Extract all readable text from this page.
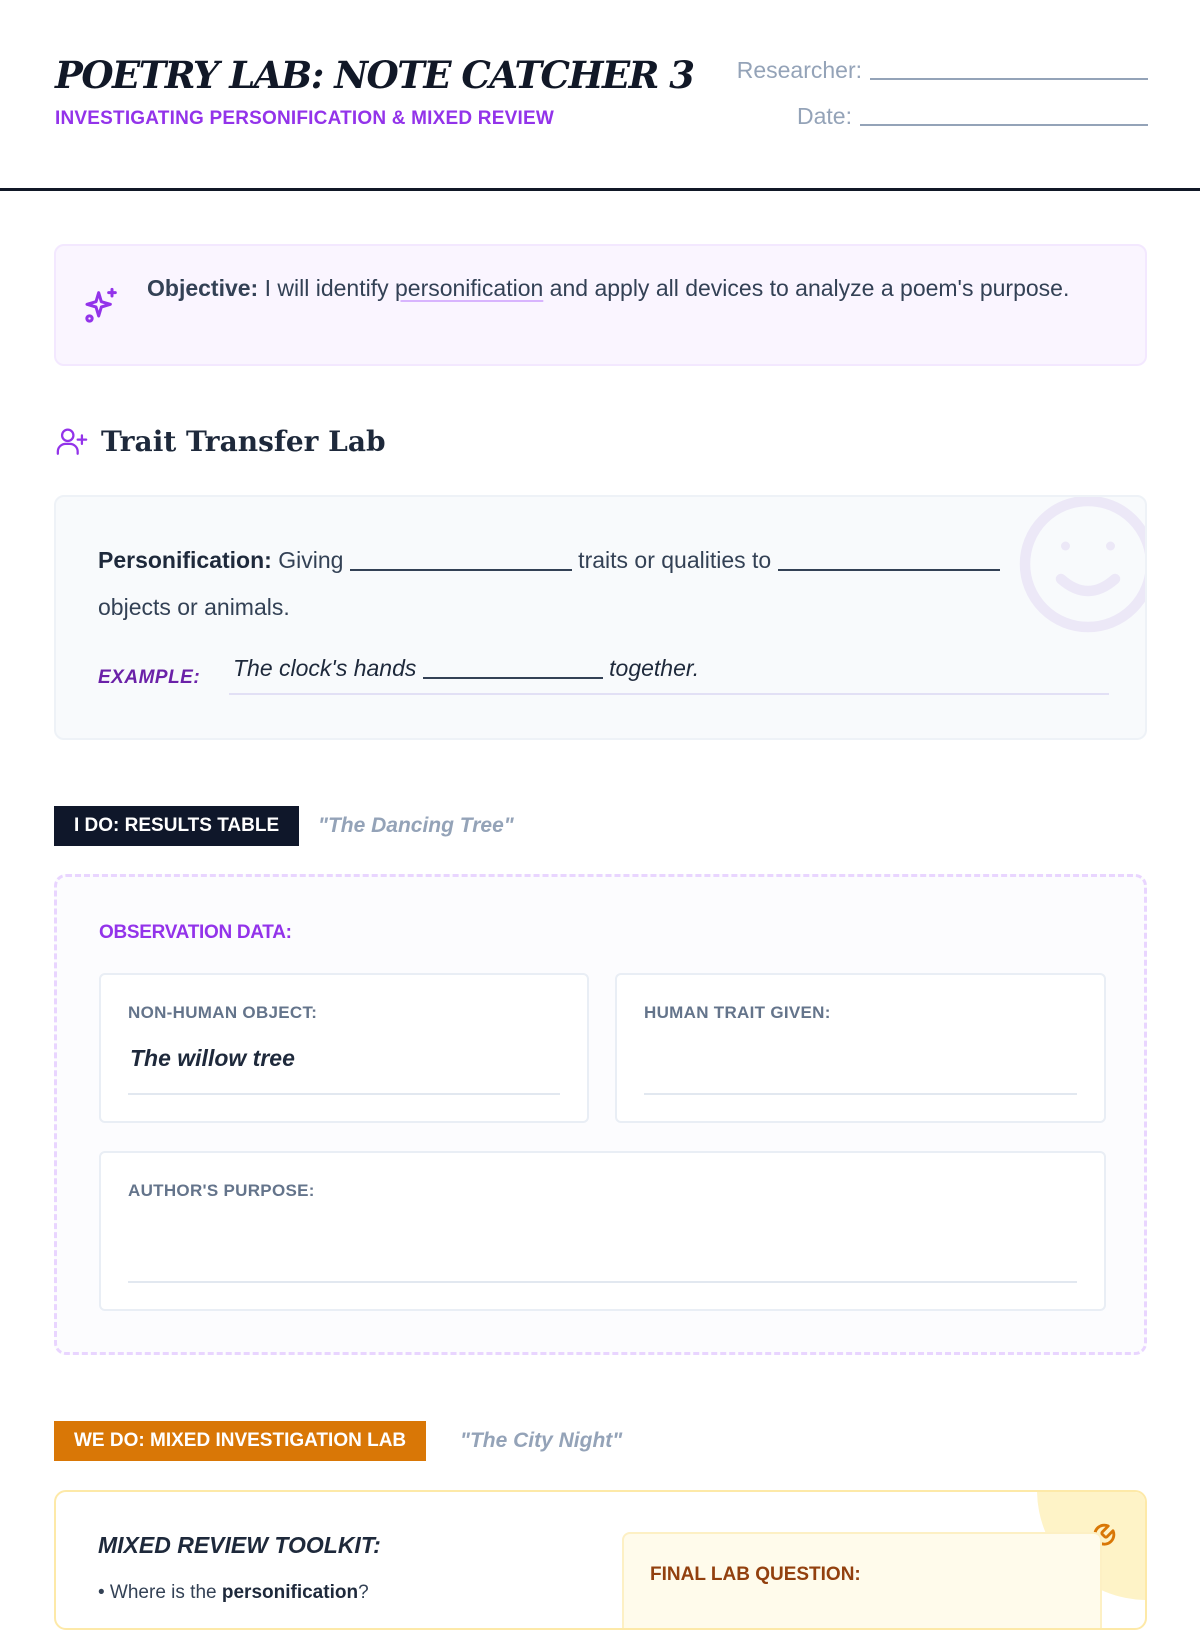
POETRY LAB: NOTE CATCHER 3
INVESTIGATING PERSONIFICATION & MIXED REVIEW
Researcher:
Date:
Objective: I will identify personification and apply all devices to analyze a poem's purpose.
Trait Transfer Lab
Personification: Giving	traits or qualities to  objects or animals.
EXAMPLE: The clock's hands	together.
I DO: RESULTS TABLE	"The Dancing Tree"
OBSERVATION DATA:
NON-HUMAN OBJECT:
The willow tree
HUMAN TRAIT GIVEN:
AUTHOR'S PURPOSE:
WE DO: MIXED INVESTIGATION LAB	"The City Night"
MIXED REVIEW TOOLKIT:
• Where is the personification?
FINAL LAB QUESTION:
